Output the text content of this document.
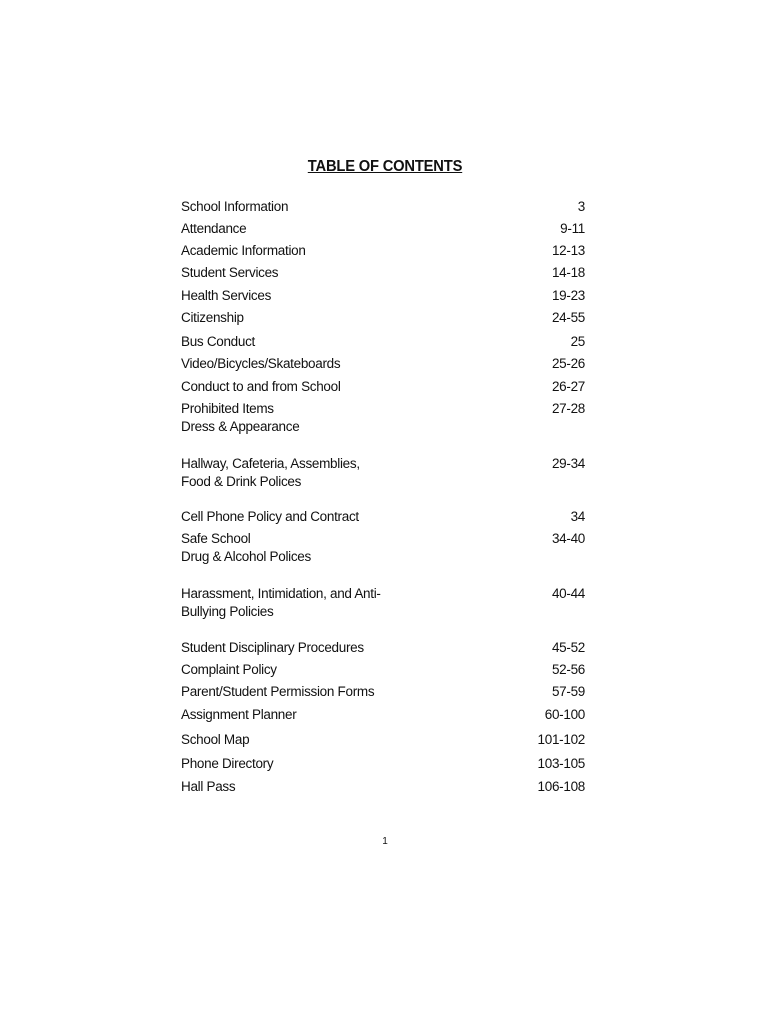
TABLE OF CONTENTS
School Information	3
Attendance	9-11
Academic Information	12-13
Student Services	14-18
Health Services	19-23
Citizenship	24-55
Bus Conduct	25
Video/Bicycles/Skateboards	25-26
Conduct to and from School	26-27
Prohibited Items	27-28
Dress & Appearance
Hallway, Cafeteria, Assemblies,	29-34
Food & Drink Polices
Cell Phone Policy and Contract	34
Safe School	34-40
Drug & Alcohol Polices
Harassment, Intimidation, and Anti-	40-44
Bullying Policies
Student Disciplinary Procedures	45-52
Complaint Policy	52-56
Parent/Student Permission Forms	57-59
Assignment Planner	60-100
School Map	101-102
Phone Directory	103-105
Hall Pass	106-108
1
